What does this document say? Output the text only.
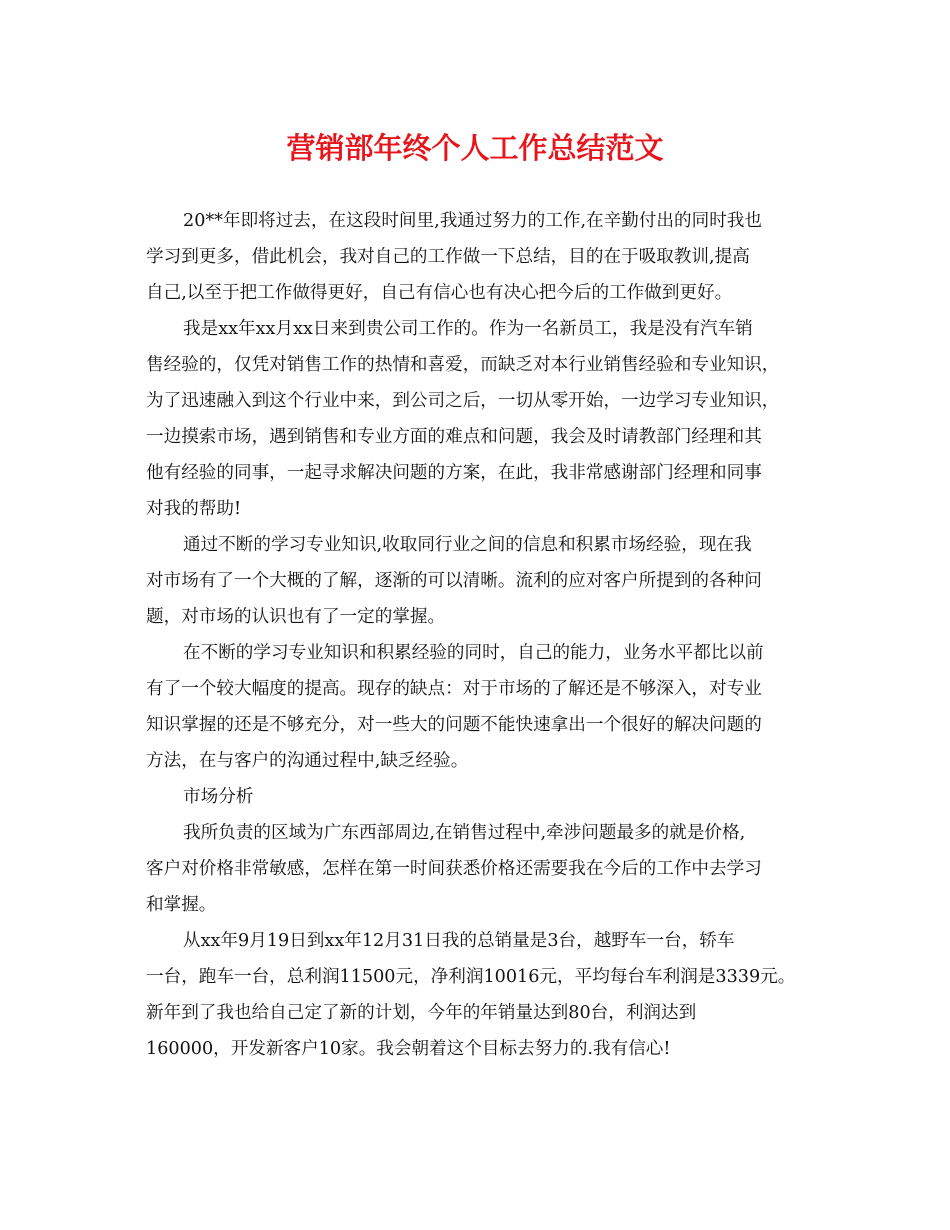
营销部年终个人工作总结范文
20**年即将过去，在这段时间里,我通过努力的工作,在辛勤付出的同时我也
学习到更多，借此机会，我对自己的工作做一下总结，目的在于吸取教训,提高
自己,以至于把工作做得更好，自己有信心也有决心把今后的工作做到更好。
我是xx年xx月xx日来到贵公司工作的。作为一名新员工，我是没有汽车销
售经验的，仅凭对销售工作的热情和喜爱，而缺乏对本行业销售经验和专业知识，
为了迅速融入到这个行业中来，到公司之后，一切从零开始，一边学习专业知识，
一边摸索市场，遇到销售和专业方面的难点和问题，我会及时请教部门经理和其
他有经验的同事，一起寻求解决问题的方案，在此，我非常感谢部门经理和同事
对我的帮助!
通过不断的学习专业知识,收取同行业之间的信息和积累市场经验，现在我
对市场有了一个大概的了解，逐渐的可以清晰。流利的应对客户所提到的各种问
题，对市场的认识也有了一定的掌握。
在不断的学习专业知识和积累经验的同时，自己的能力，业务水平都比以前
有了一个较大幅度的提高。现存的缺点：对于市场的了解还是不够深入，对专业
知识掌握的还是不够充分，对一些大的问题不能快速拿出一个很好的解决问题的
方法，在与客户的沟通过程中,缺乏经验。
市场分析
我所负责的区域为广东西部周边,在销售过程中,牵涉问题最多的就是价格,
客户对价格非常敏感，怎样在第一时间获悉价格还需要我在今后的工作中去学习
和掌握。
从xx年9月19日到xx年12月31日我的总销量是3台，越野车一台，轿车
一台，跑车一台，总利润11500元，净利润10016元，平均每台车利润是3339元。
新年到了我也给自己定了新的计划，今年的年销量达到80台，利润达到
160000，开发新客户10家。我会朝着这个目标去努力的.我有信心!
